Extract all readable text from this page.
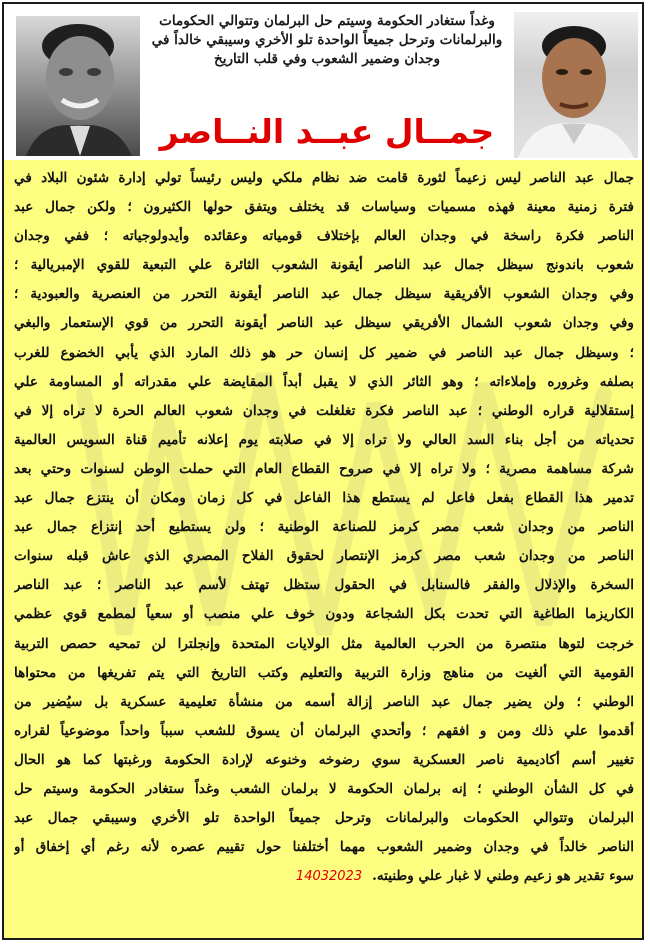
وغداً ستغادر الحكومة وسيتم حل البرلمان وتتوالي الحكومات والبرلمانات وترحل جميعاً الواحدة تلو الأخري وسيبقي خالداً في وجدان وضمير الشعوب وفي قلب التاريخ
جمــال عبــد النــاصر
جمال عبد الناصر ليس زعيماً لثورة قامت ضد نظام ملكي وليس رئيساً تولي إدارة شئون البلاد في
فترة زمنية معينة فهذه مسميات وسياسات قد يختلف ويتفق حولها الكثيرون ؛ ولكن جمال عبد
الناصر فكرة راسخة في وجدان العالم بإختلاف قومياته وعقائده وأيدولوجياته ؛ ففي وجدان
شعوب باندونج سيظل جمال عبد الناصر أيقونة الشعوب الثائرة علي التبعية للقوي الإمبريالية ؛
وفي وجدان الشعوب الأفريقية سيظل جمال عبد الناصر أيقونة التحرر من العنصرية والعبودية ؛
وفي وجدان شعوب الشمال الأفريقي سيظل عبد الناصر أيقونة التحرر من قوي الإستعمار والبغي
؛ وسيظل جمال عبد الناصر في ضمير كل إنسان حر هو ذلك المارد الذي يأبي الخضوع للغرب
بصلفه وغروره وإملاءاته ؛ وهو الثائر الذي لا يقبل أبداً المقايضة علي مقدراته أو المساومة علي
إستقلالية قراره الوطني ؛ عبد الناصر فكرة تغلغلت في وجدان شعوب العالم الحرة لا تراه إلا في
تحدياته من أجل بناء السد العالي ولا تراه إلا في صلابته يوم إعلانه تأميم قناة السويس العالمية
شركة مساهمة مصرية ؛ ولا تراه إلا في صروح القطاع العام التي حملت الوطن لسنوات وحتي بعد
تدمير هذا القطاع بفعل فاعل لم يستطع هذا الفاعل في كل زمان ومكان أن ينتزع جمال عبد
الناصر من وجدان شعب مصر كرمز للصناعة الوطنية ؛ ولن يستطيع أحد إنتزاع جمال عبد
الناصر من وجدان شعب مصر كرمز الإنتصار لحقوق الفلاح المصري الذي عاش قبله سنوات
السخرة والإذلال والفقر فالسنابل في الحقول ستظل تهتف لأسم عبد الناصر ؛ عبد الناصر
الكاريزما الطاغية التي تحدت بكل الشجاعة ودون خوف علي منصب أو سعياً لمطمع قوي عظمي
خرجت لتوها منتصرة من الحرب العالمية مثل الولايات المتحدة وإنجلترا لن تمحيه حصص التربية
القومية التي ألغيت من مناهج وزارة التربية والتعليم وكتب التاريخ التي يتم تفريغها من محتواها
الوطني ؛ ولن يضير جمال عبد الناصر إزالة أسمه من منشأة تعليمية عسكرية بل سيُضير من
أقدموا علي ذلك ومن و افقهم ؛ وأتحدي البرلمان أن يسوق للشعب سبباً واحداً موضوعياً لقراره
تغيير أسم أكاديمية ناصر العسكرية سوي رضوخه وخنوعه لإرادة الحكومة ورغبتها كما هو الحال
في كل الشأن الوطني ؛ إنه برلمان الحكومة لا برلمان الشعب وغداً ستغادر الحكومة وسيتم حل
البرلمان وتتوالي الحكومات والبرلمانات وترحل جميعاً الواحدة تلو الأخري وسيبقي جمال عبد
الناصر خالداً في وجدان وضمير الشعوب مهما أختلفنا حول تقييم عصره لأنه رغم أي إخفاق أو
سوء تقدير هو زعيم وطني لا غبار علي وطنيته.14032023
